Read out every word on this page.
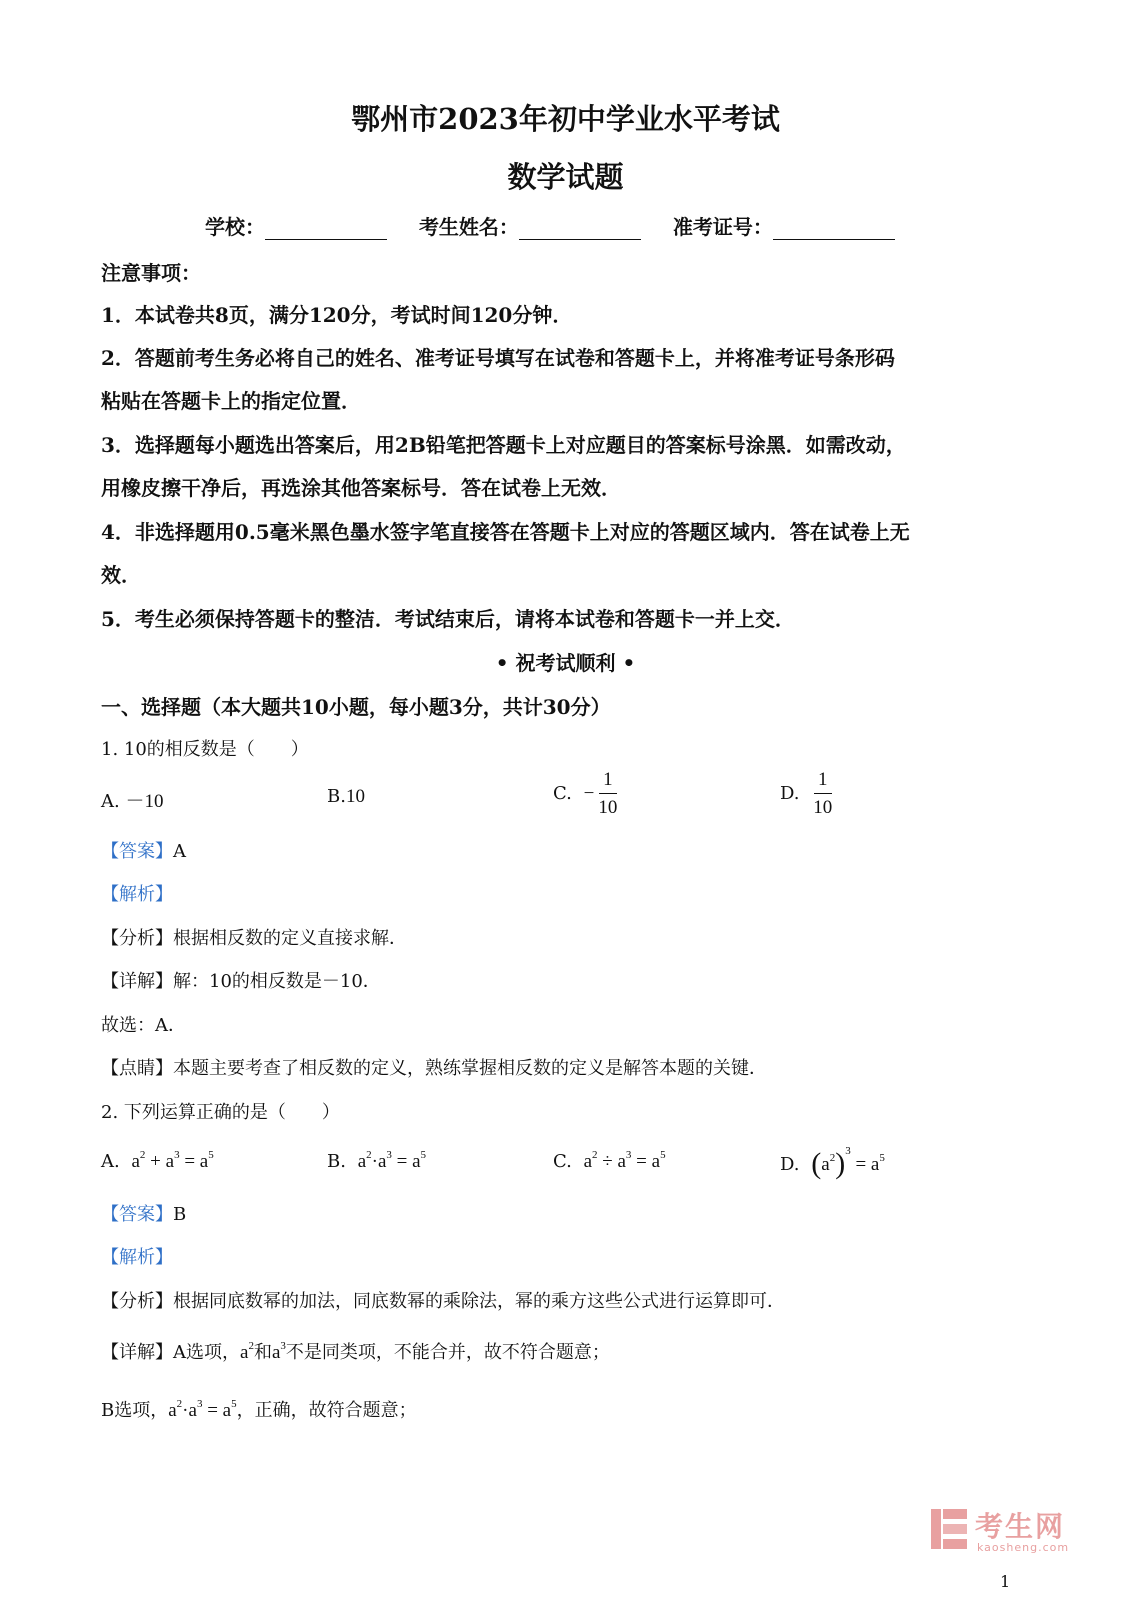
鄂州市2023年初中学业水平考试
数学试题
学校：	考生姓名：	准考证号：
注意事项：
1．本试卷共8页，满分120分，考试时间120分钟．
2．答题前考生务必将自己的姓名、准考证号填写在试卷和答题卡上，并将准考证号条形码
粘贴在答题卡上的指定位置．
3．选择题每小题选出答案后，用2B铅笔把答题卡上对应题目的答案标号涂黑．如需改动，
用橡皮擦干净后，再选涂其他答案标号．答在试卷上无效．
4．非选择题用0.5毫米黑色墨水签字笔直接答在答题卡上对应的答题区域内．答在试卷上无
效．
5．考生必须保持答题卡的整洁．考试结束后，请将本试卷和答题卡一并上交．
• 祝考试顺利 •
一、选择题（本大题共10小题，每小题3分，共计30分）
1. 10的相反数是（　　）
A. －10	B.10	C. − $\frac{1}{10}$	D. $\frac{1}{10}$
【答案】A
【解析】
【分析】根据相反数的定义直接求解．
【详解】解：10的相反数是－10．
故选：A．
【点睛】本题主要考查了相反数的定义，熟练掌握相反数的定义是解答本题的关键．
2. 下列运算正确的是（　　）
A. $a^2 + a^3 = a^5$	B. $a^2\cdot a^3 = a^5$	C. $a^2 \div a^3 = a^5$	D. $(a^2)^3 = a^5$
【答案】B
【解析】
【分析】根据同底数幂的加法，同底数幂的乘除法，幂的乘方这些公式进行运算即可．
【详解】A选项，$a^2$和$a^3$不是同类项，不能合并，故不符合题意；
B选项，$a^2\cdot a^3 = a^5$，正确，故符合题意；
考生网
kaosheng.com
1
